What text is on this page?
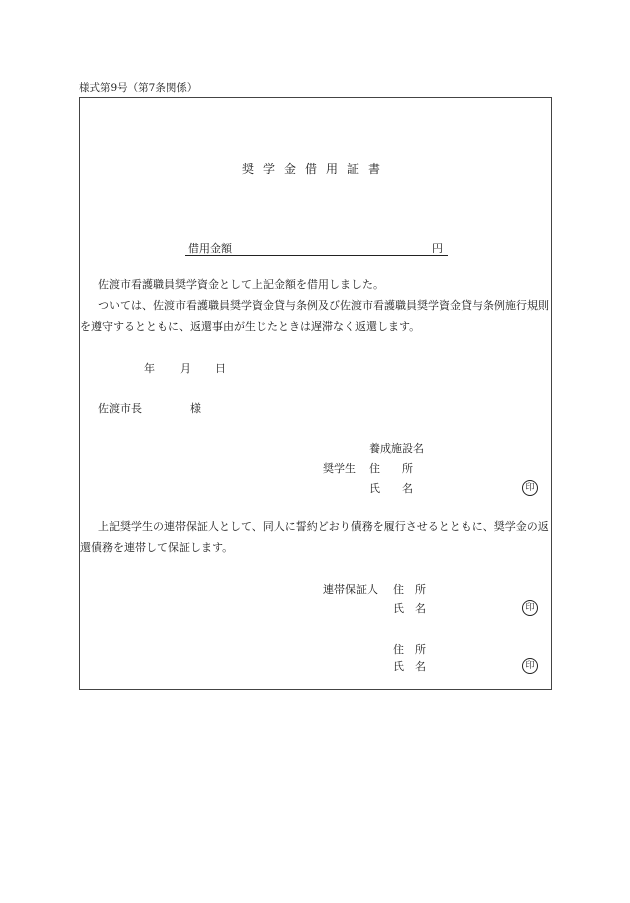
様式第9号（第7条関係）
奨学金借用証書
借用金額	円
佐渡市看護職員奨学資金として上記金額を借用しました。
ついては、佐渡市看護職員奨学資金貸与条例及び佐渡市看護職員奨学資金貸与条例施行規則を遵守するとともに、返還事由が生じたときは遅滞なく返還します。
年 月 日
佐渡市長	様
養成施設名
奨学生 住　　所
氏　　名	印
上記奨学生の連帯保証人として、同人に誓約どおり債務を履行させるとともに、奨学金の返還債務を連帯して保証します。
連帯保証人 住　所
氏　名	印
住　所
氏　名	印
